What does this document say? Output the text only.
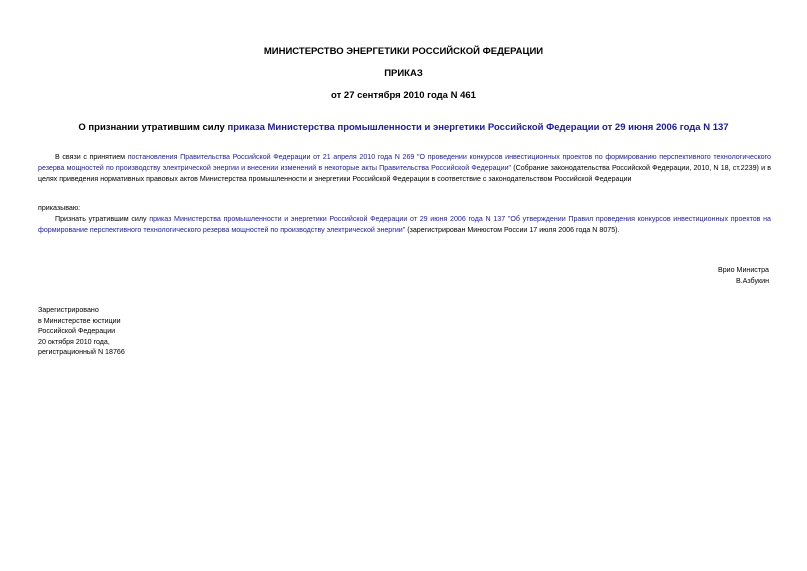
МИНИСТЕРСТВО ЭНЕРГЕТИКИ РОССИЙСКОЙ ФЕДЕРАЦИИ
ПРИКАЗ
от 27 сентября 2010 года N 461
О признании утратившим силу приказа Министерства промышленности и энергетики Российской Федерации от 29 июня 2006 года N 137
В связи с принятием постановления Правительства Российской Федерации от 21 апреля 2010 года N 269 "О проведении конкурсов инвестиционных проектов по формированию перспективного технологического резерва мощностей по производству электрической энергии и внесении изменений в некоторые акты Правительства Российской Федерации" (Собрание законодательства Российской Федерации, 2010, N 18, ст.2239) и в целях приведения нормативных правовых актов Министерства промышленности и энергетики Российской Федерации в соответствие с законодательством Российской Федерации
приказываю:
Признать утратившим силу приказ Министерства промышленности и энергетики Российской Федерации от 29 июня 2006 года N 137 "Об утверждении Правил проведения конкурсов инвестиционных проектов на формирование перспективного технологического резерва мощностей по производству электрической энергии" (зарегистрирован Минюстом России 17 июля 2006 года N 8075).
Врио Министра
В.Азбукин
Зарегистрировано
в Министерстве юстиции
Российской Федерации
20 октября 2010 года,
регистрационный N 18766
